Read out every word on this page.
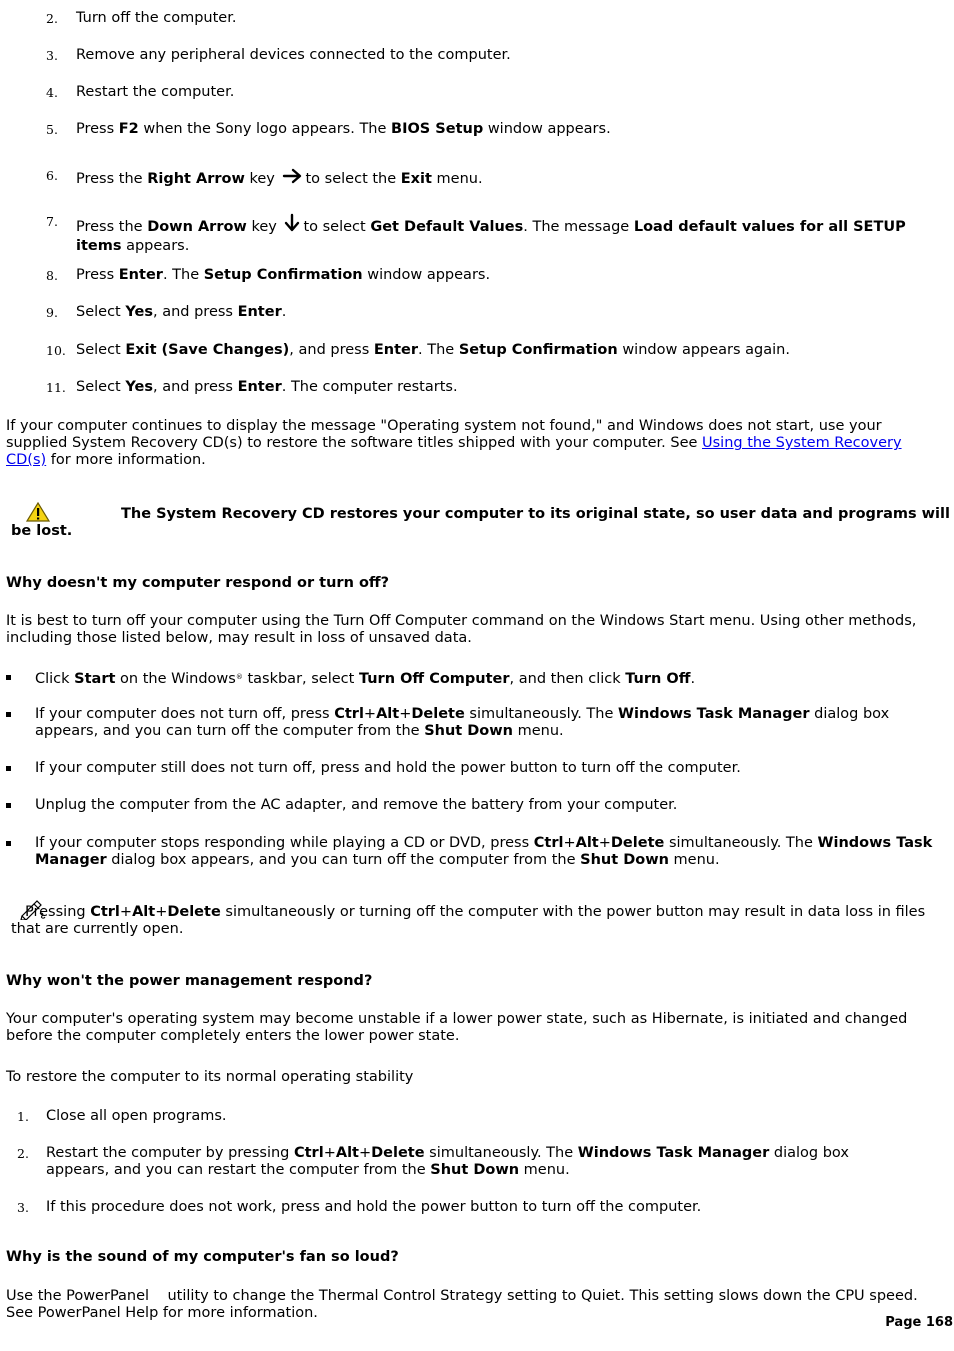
2. Turn off the computer.
3. Remove any peripheral devices connected to the computer.
4. Restart the computer.
5. Press F2 when the Sony logo appears. The BIOS Setup window appears.
6. Press the Right Arrow key to select the Exit menu.
7. Press the Down Arrow key to select Get Default Values. The message Load default values for all SETUP items appears.
8. Press Enter. The Setup Confirmation window appears.
9. Select Yes, and press Enter.
10. Select Exit (Save Changes), and press Enter. The Setup Confirmation window appears again.
11. Select Yes, and press Enter. The computer restarts.
If your computer continues to display the message "Operating system not found," and Windows does not start, use your supplied System Recovery CD(s) to restore the software titles shipped with your computer. See Using the System Recovery CD(s) for more information.
The System Recovery CD restores your computer to its original state, so user data and programs will be lost.
Why doesn't my computer respond or turn off?
It is best to turn off your computer using the Turn Off Computer command on the Windows Start menu. Using other methods, including those listed below, may result in loss of unsaved data.
Click Start on the Windows® taskbar, select Turn Off Computer, and then click Turn Off.
If your computer does not turn off, press Ctrl+Alt+Delete simultaneously. The Windows Task Manager dialog box appears, and you can turn off the computer from the Shut Down menu.
If your computer still does not turn off, press and hold the power button to turn off the computer.
Unplug the computer from the AC adapter, and remove the battery from your computer.
If your computer stops responding while playing a CD or DVD, press Ctrl+Alt+Delete simultaneously. The Windows Task Manager dialog box appears, and you can turn off the computer from the Shut Down menu.
Pressing Ctrl+Alt+Delete simultaneously or turning off the computer with the power button may result in data loss in files that are currently open.
Why won't the power management respond?
Your computer's operating system may become unstable if a lower power state, such as Hibernate, is initiated and changed before the computer completely enters the lower power state.
To restore the computer to its normal operating stability
1. Close all open programs.
2. Restart the computer by pressing Ctrl+Alt+Delete simultaneously. The Windows Task Manager dialog box appears, and you can restart the computer from the Shut Down menu.
3. If this procedure does not work, press and hold the power button to turn off the computer.
Why is the sound of my computer's fan so loud?
Use the PowerPanel    utility to change the Thermal Control Strategy setting to Quiet. This setting slows down the CPU speed. See PowerPanel Help for more information.
Page 168
